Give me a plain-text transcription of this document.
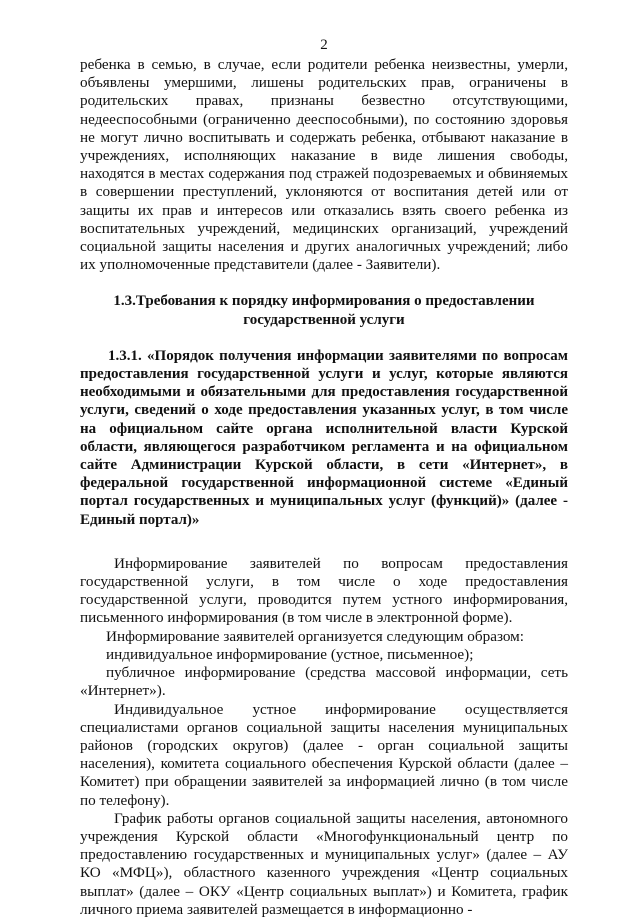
2

ребенка в семью, в случае, если родители ребенка неизвестны, умерли, объявлены умершими, лишены родительских прав, ограничены в родительских правах, признаны безвестно отсутствующими, недееспособными (ограниченно дееспособными), по состоянию здоровья не могут лично воспитывать и содержать ребенка, отбывают наказание в учреждениях, исполняющих наказание в виде лишения свободы, находятся в местах содержания под стражей подозреваемых и обвиняемых в совершении преступлений, уклоняются от воспитания детей или от защиты их прав и интересов или отказались взять своего ребенка из воспитательных учреждений, медицинских организаций, учреждений социальной защиты населения и других аналогичных учреждений; либо их уполномоченные представители (далее - Заявители).

1.3.Требования к порядку информирования о предоставлении государственной услуги

1.3.1. «Порядок получения информации заявителями по вопросам предоставления государственной услуги и услуг, которые являются необходимыми и обязательными для предоставления государственной услуги, сведений о ходе предоставления указанных услуг, в том числе на официальном сайте органа исполнительной власти Курской области, являющегося разработчиком регламента и на официальном сайте Администрации Курской области, в сети «Интернет», в федеральной государственной информационной системе «Единый портал государственных и муниципальных услуг (функций)» (далее - Единый портал)»

Информирование заявителей по вопросам предоставления государственной услуги, в том числе о ходе предоставления государственной услуги, проводится путем устного информирования, письменного информирования (в том числе в электронной форме).

Информирование заявителей организуется следующим образом:

индивидуальное информирование (устное, письменное);

публичное информирование (средства массовой информации, сеть «Интернет»).

Индивидуальное устное информирование осуществляется специалистами органов социальной защиты населения муниципальных районов (городских округов) (далее - орган социальной защиты населения), комитета социального обеспечения Курской области (далее – Комитет) при обращении заявителей за информацией лично (в том числе по телефону).

График работы органов социальной защиты населения, автономного учреждения Курской области «Многофункциональный центр по предоставлению государственных и муниципальных услуг» (далее – АУ КО «МФЦ»), областного казенного учреждения «Центр социальных выплат» (далее – ОКУ «Центр социальных выплат») и Комитета, график личного приема заявителей размещается в информационно -
